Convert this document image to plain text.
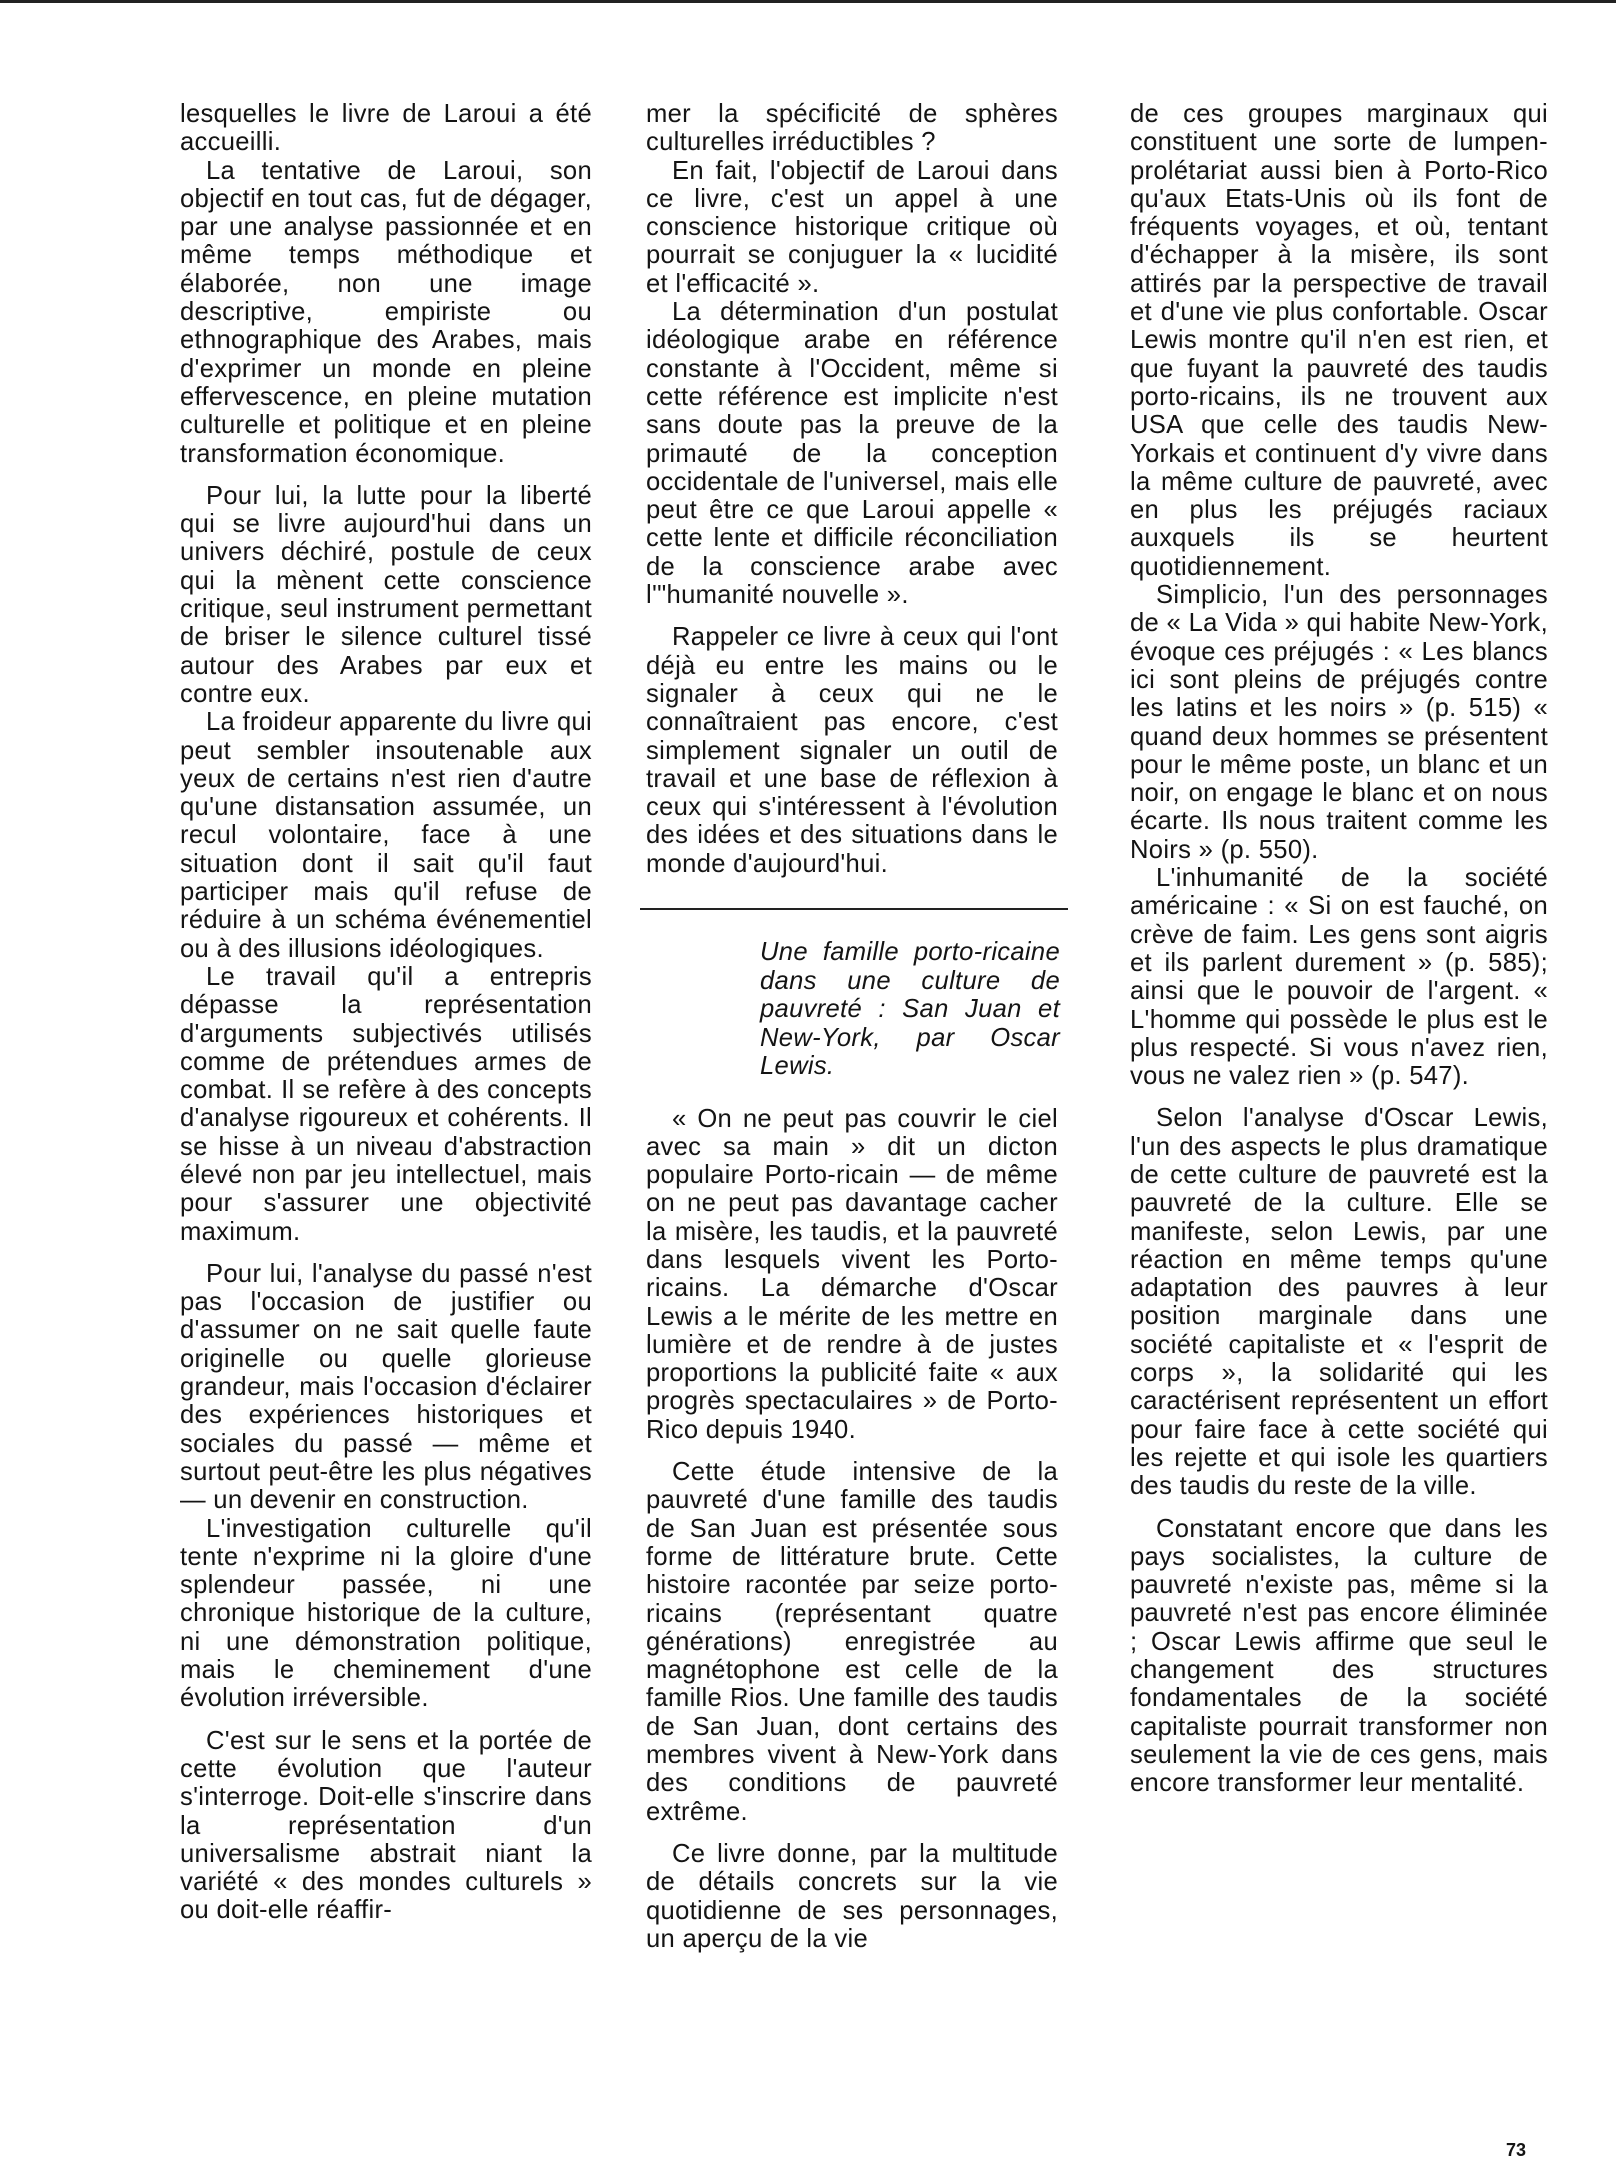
lesquelles le livre de Laroui a été accueilli.

La tentative de Laroui, son objectif en tout cas, fut de dégager, par une analyse passionnée et en même temps méthodique et élaborée, non une image descriptive, empiriste ou ethnographique des Arabes, mais d'exprimer un monde en pleine effervescence, en pleine mutation culturelle et politique et en pleine transformation économique.

Pour lui, la lutte pour la liberté qui se livre aujourd'hui dans un univers déchiré, postule de ceux qui la mènent cette conscience critique, seul instrument permettant de briser le silence culturel tissé autour des Arabes par eux et contre eux.

La froideur apparente du livre qui peut sembler insoutenable aux yeux de certains n'est rien d'autre qu'une distansation assumée, un recul volontaire, face à une situation dont il sait qu'il faut participer mais qu'il refuse de réduire à un schéma événementiel ou à des illusions idéologiques.

Le travail qu'il a entrepris dépasse la représentation d'arguments subjectivés utilisés comme de prétendues armes de combat. Il se refère à des concepts d'analyse rigoureux et cohérents. Il se hisse à un niveau d'abstraction élevé non par jeu intellectuel, mais pour s'assurer une objectivité maximum.

Pour lui, l'analyse du passé n'est pas l'occasion de justifier ou d'assumer on ne sait quelle faute originelle ou quelle glorieuse grandeur, mais l'occasion d'éclairer des expériences historiques et sociales du passé — même et surtout peut-être les plus négatives — un devenir en construction.

L'investigation culturelle qu'il tente n'exprime ni la gloire d'une splendeur passée, ni une chronique historique de la culture, ni une démonstration politique, mais le cheminement d'une évolution irréversible.

C'est sur le sens et la portée de cette évolution que l'auteur s'interroge. Doit-elle s'inscrire dans la représentation d'un universalisme abstrait niant la variété « des mondes culturels » ou doit-elle réaffir-

mer la spécificité de sphères culturelles irréductibles ?

En fait, l'objectif de Laroui dans ce livre, c'est un appel à une conscience historique critique où pourrait se conjuguer la « lucidité et l'efficacité ».

La détermination d'un postulat idéologique arabe en référence constante à l'Occident, même si cette référence est implicite n'est sans doute pas la preuve de la primauté de la conception occidentale de l'universel, mais elle peut être ce que Laroui appelle « cette lente et difficile réconciliation de la conscience arabe avec l'"humanité nouvelle ».

Rappeler ce livre à ceux qui l'ont déjà eu entre les mains ou le signaler à ceux qui ne le connaîtraient pas encore, c'est simplement signaler un outil de travail et une base de réflexion à ceux qui s'intéressent à l'évolution des idées et des situations dans le monde d'aujourd'hui.

Une famille porto-ricaine dans une culture de pauvreté : San Juan et New-York, par Oscar Lewis.

« On ne peut pas couvrir le ciel avec sa main » dit un dicton populaire Porto-ricain — de même on ne peut pas davantage cacher la misère, les taudis, et la pauvreté dans lesquels vivent les Porto-ricains. La démarche d'Oscar Lewis a le mérite de les mettre en lumière et de rendre à de justes proportions la publicité faite « aux progrès spectaculaires » de Porto-Rico depuis 1940.

Cette étude intensive de la pauvreté d'une famille des taudis de San Juan est présentée sous forme de littérature brute. Cette histoire racontée par seize porto-ricains (représentant quatre générations) enregistrée au magnétophone est celle de la famille Rios. Une famille des taudis de San Juan, dont certains des membres vivent à New-York dans des conditions de pauvreté extrême.

Ce livre donne, par la multitude de détails concrets sur la vie quotidienne de ses personnages, un aperçu de la vie

de ces groupes marginaux qui constituent une sorte de lumpen-prolétariat aussi bien à Porto-Rico qu'aux Etats-Unis où ils font de fréquents voyages, et où, tentant d'échapper à la misère, ils sont attirés par la perspective de travail et d'une vie plus confortable. Oscar Lewis montre qu'il n'en est rien, et que fuyant la pauvreté des taudis porto-ricains, ils ne trouvent aux USA que celle des taudis New-Yorkais et continuent d'y vivre dans la même culture de pauvreté, avec en plus les préjugés raciaux auxquels ils se heurtent quotidiennement.

Simplicio, l'un des personnages de « La Vida » qui habite New-York, évoque ces préjugés : « Les blancs ici sont pleins de préjugés contre les latins et les noirs » (p. 515) « quand deux hommes se présentent pour le même poste, un blanc et un noir, on engage le blanc et on nous écarte. Ils nous traitent comme les Noirs » (p. 550).

L'inhumanité de la société américaine : « Si on est fauché, on crève de faim. Les gens sont aigris et ils parlent durement » (p. 585); ainsi que le pouvoir de l'argent. « L'homme qui possède le plus est le plus respecté. Si vous n'avez rien, vous ne valez rien » (p. 547).

Selon l'analyse d'Oscar Lewis, l'un des aspects le plus dramatique de cette culture de pauvreté est la pauvreté de la culture. Elle se manifeste, selon Lewis, par une réaction en même temps qu'une adaptation des pauvres à leur position marginale dans une société capitaliste et « l'esprit de corps », la solidarité qui les caractérisent représentent un effort pour faire face à cette société qui les rejette et qui isole les quartiers des taudis du reste de la ville.

Constatant encore que dans les pays socialistes, la culture de pauvreté n'existe pas, même si la pauvreté n'est pas encore éliminée ; Oscar Lewis affirme que seul le changement des structures fondamentales de la société capitaliste pourrait transformer non seulement la vie de ces gens, mais encore transformer leur mentalité.

73
